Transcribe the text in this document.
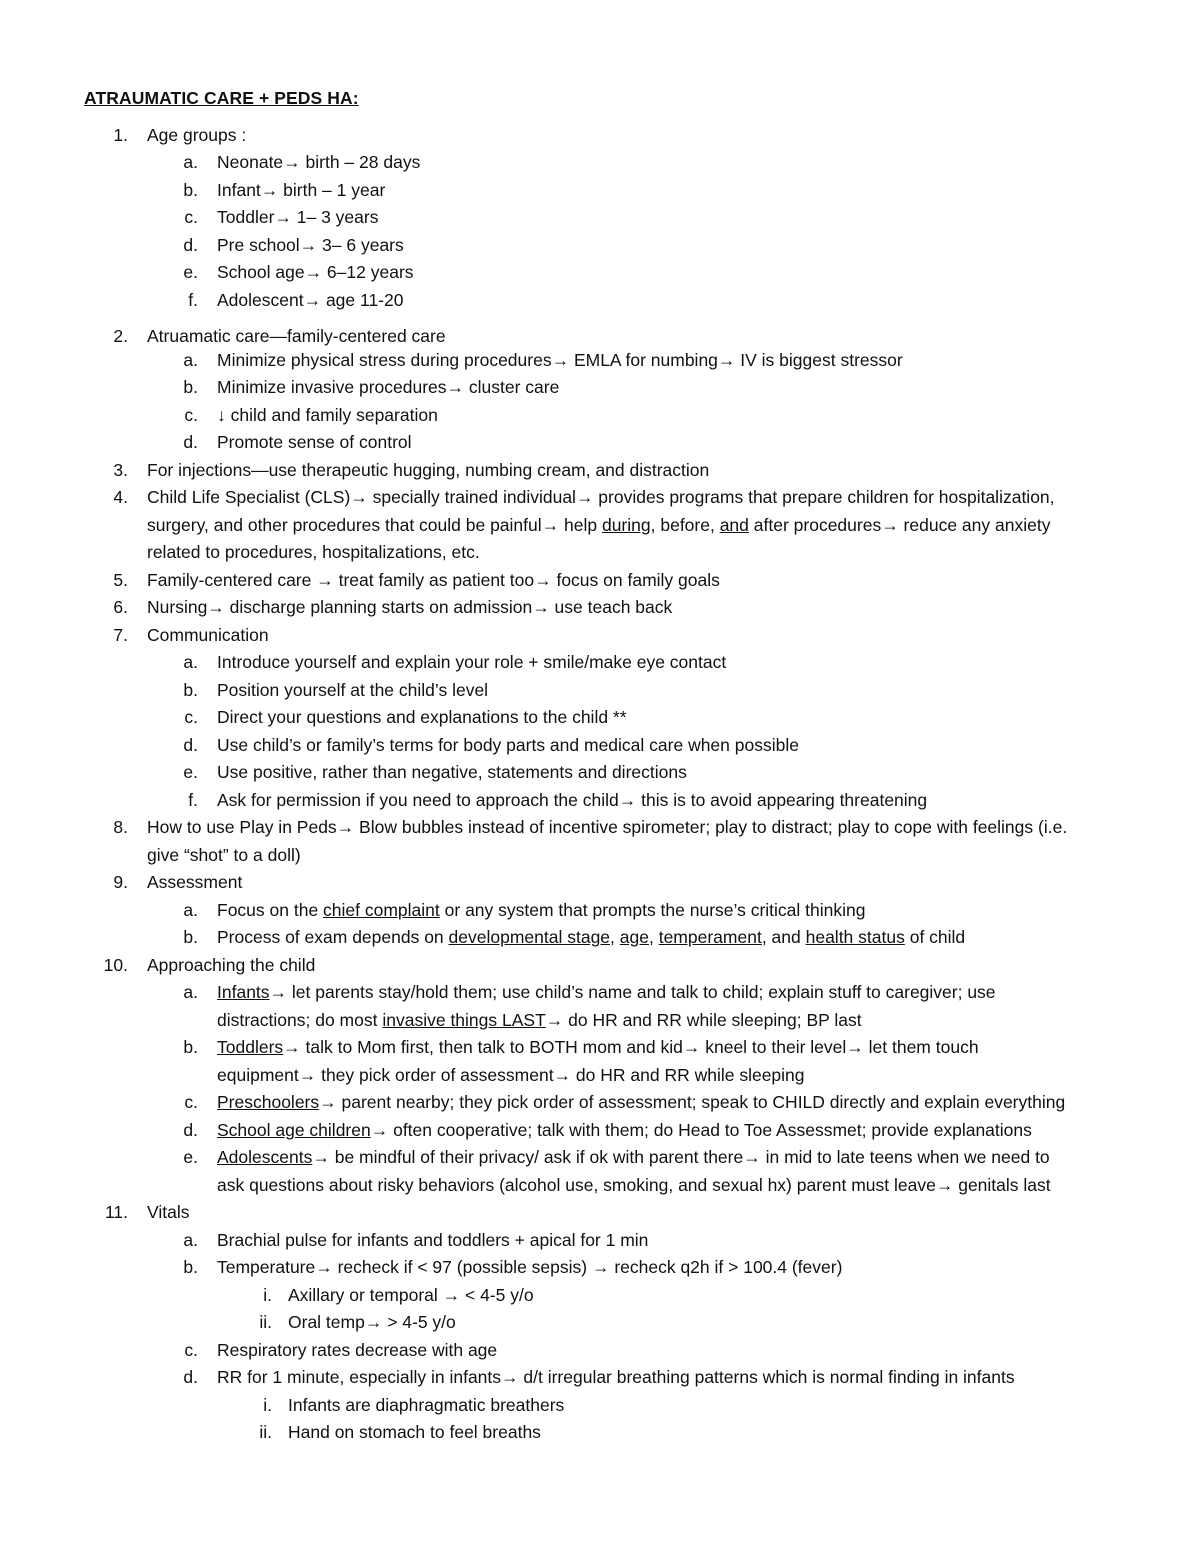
ATRAUMATIC CARE + PEDS HA:
1. Age groups :
a. Neonate→ birth – 28 days
b. Infant→ birth – 1 year
c. Toddler→ 1– 3 years
d. Pre school→ 3– 6 years
e. School age→ 6–12 years
f. Adolescent→ age 11-20
2. Atruamatic care—family-centered care
a. Minimize physical stress during procedures→ EMLA for numbing→ IV is biggest stressor
b. Minimize invasive procedures→ cluster care
c. ↓ child and family separation
d. Promote sense of control
3. For injections—use therapeutic hugging, numbing cream, and distraction
4. Child Life Specialist (CLS)→ specially trained individual→ provides programs that prepare children for hospitalization,
surgery, and other procedures that could be painful→ help during, before, and after procedures→ reduce any anxiety
related to procedures, hospitalizations, etc.
5. Family-centered care → treat family as patient too→ focus on family goals
6. Nursing→ discharge planning starts on admission→ use teach back
7. Communication
a. Introduce yourself and explain your role + smile/make eye contact
b. Position yourself at the child’s level
c. Direct your questions and explanations to the child **
d. Use child’s or family’s terms for body parts and medical care when possible
e. Use positive, rather than negative, statements and directions
f. Ask for permission if you need to approach the child→ this is to avoid appearing threatening
8. How to use Play in Peds→ Blow bubbles instead of incentive spirometer; play to distract; play to cope with feelings (i.e.
give “shot” to a doll)
9. Assessment
a. Focus on the chief complaint or any system that prompts the nurse’s critical thinking
b. Process of exam depends on developmental stage, age, temperament, and health status of child
10. Approaching the child
a. Infants→ let parents stay/hold them; use child’s name and talk to child; explain stuff to caregiver; use
distractions; do most invasive things LAST→ do HR and RR while sleeping; BP last
b. Toddlers→ talk to Mom first, then talk to BOTH mom and kid→ kneel to their level→ let them touch
equipment→ they pick order of assessment→ do HR and RR while sleeping
c. Preschoolers→ parent nearby; they pick order of assessment; speak to CHILD directly and explain everything
d. School age children→ often cooperative; talk with them; do Head to Toe Assessmet; provide explanations
e. Adolescents→ be mindful of their privacy/ ask if ok with parent there→ in mid to late teens when we need to
ask questions about risky behaviors (alcohol use, smoking, and sexual hx) parent must leave→ genitals last
11. Vitals
a. Brachial pulse for infants and toddlers + apical for 1 min
b. Temperature→ recheck if < 97 (possible sepsis) → recheck q2h if > 100.4 (fever)
i. Axillary or temporal → < 4-5 y/o
ii. Oral temp→ > 4-5 y/o
c. Respiratory rates decrease with age
d. RR for 1 minute, especially in infants→ d/t irregular breathing patterns which is normal finding in infants
i. Infants are diaphragmatic breathers
ii. Hand on stomach to feel breaths
